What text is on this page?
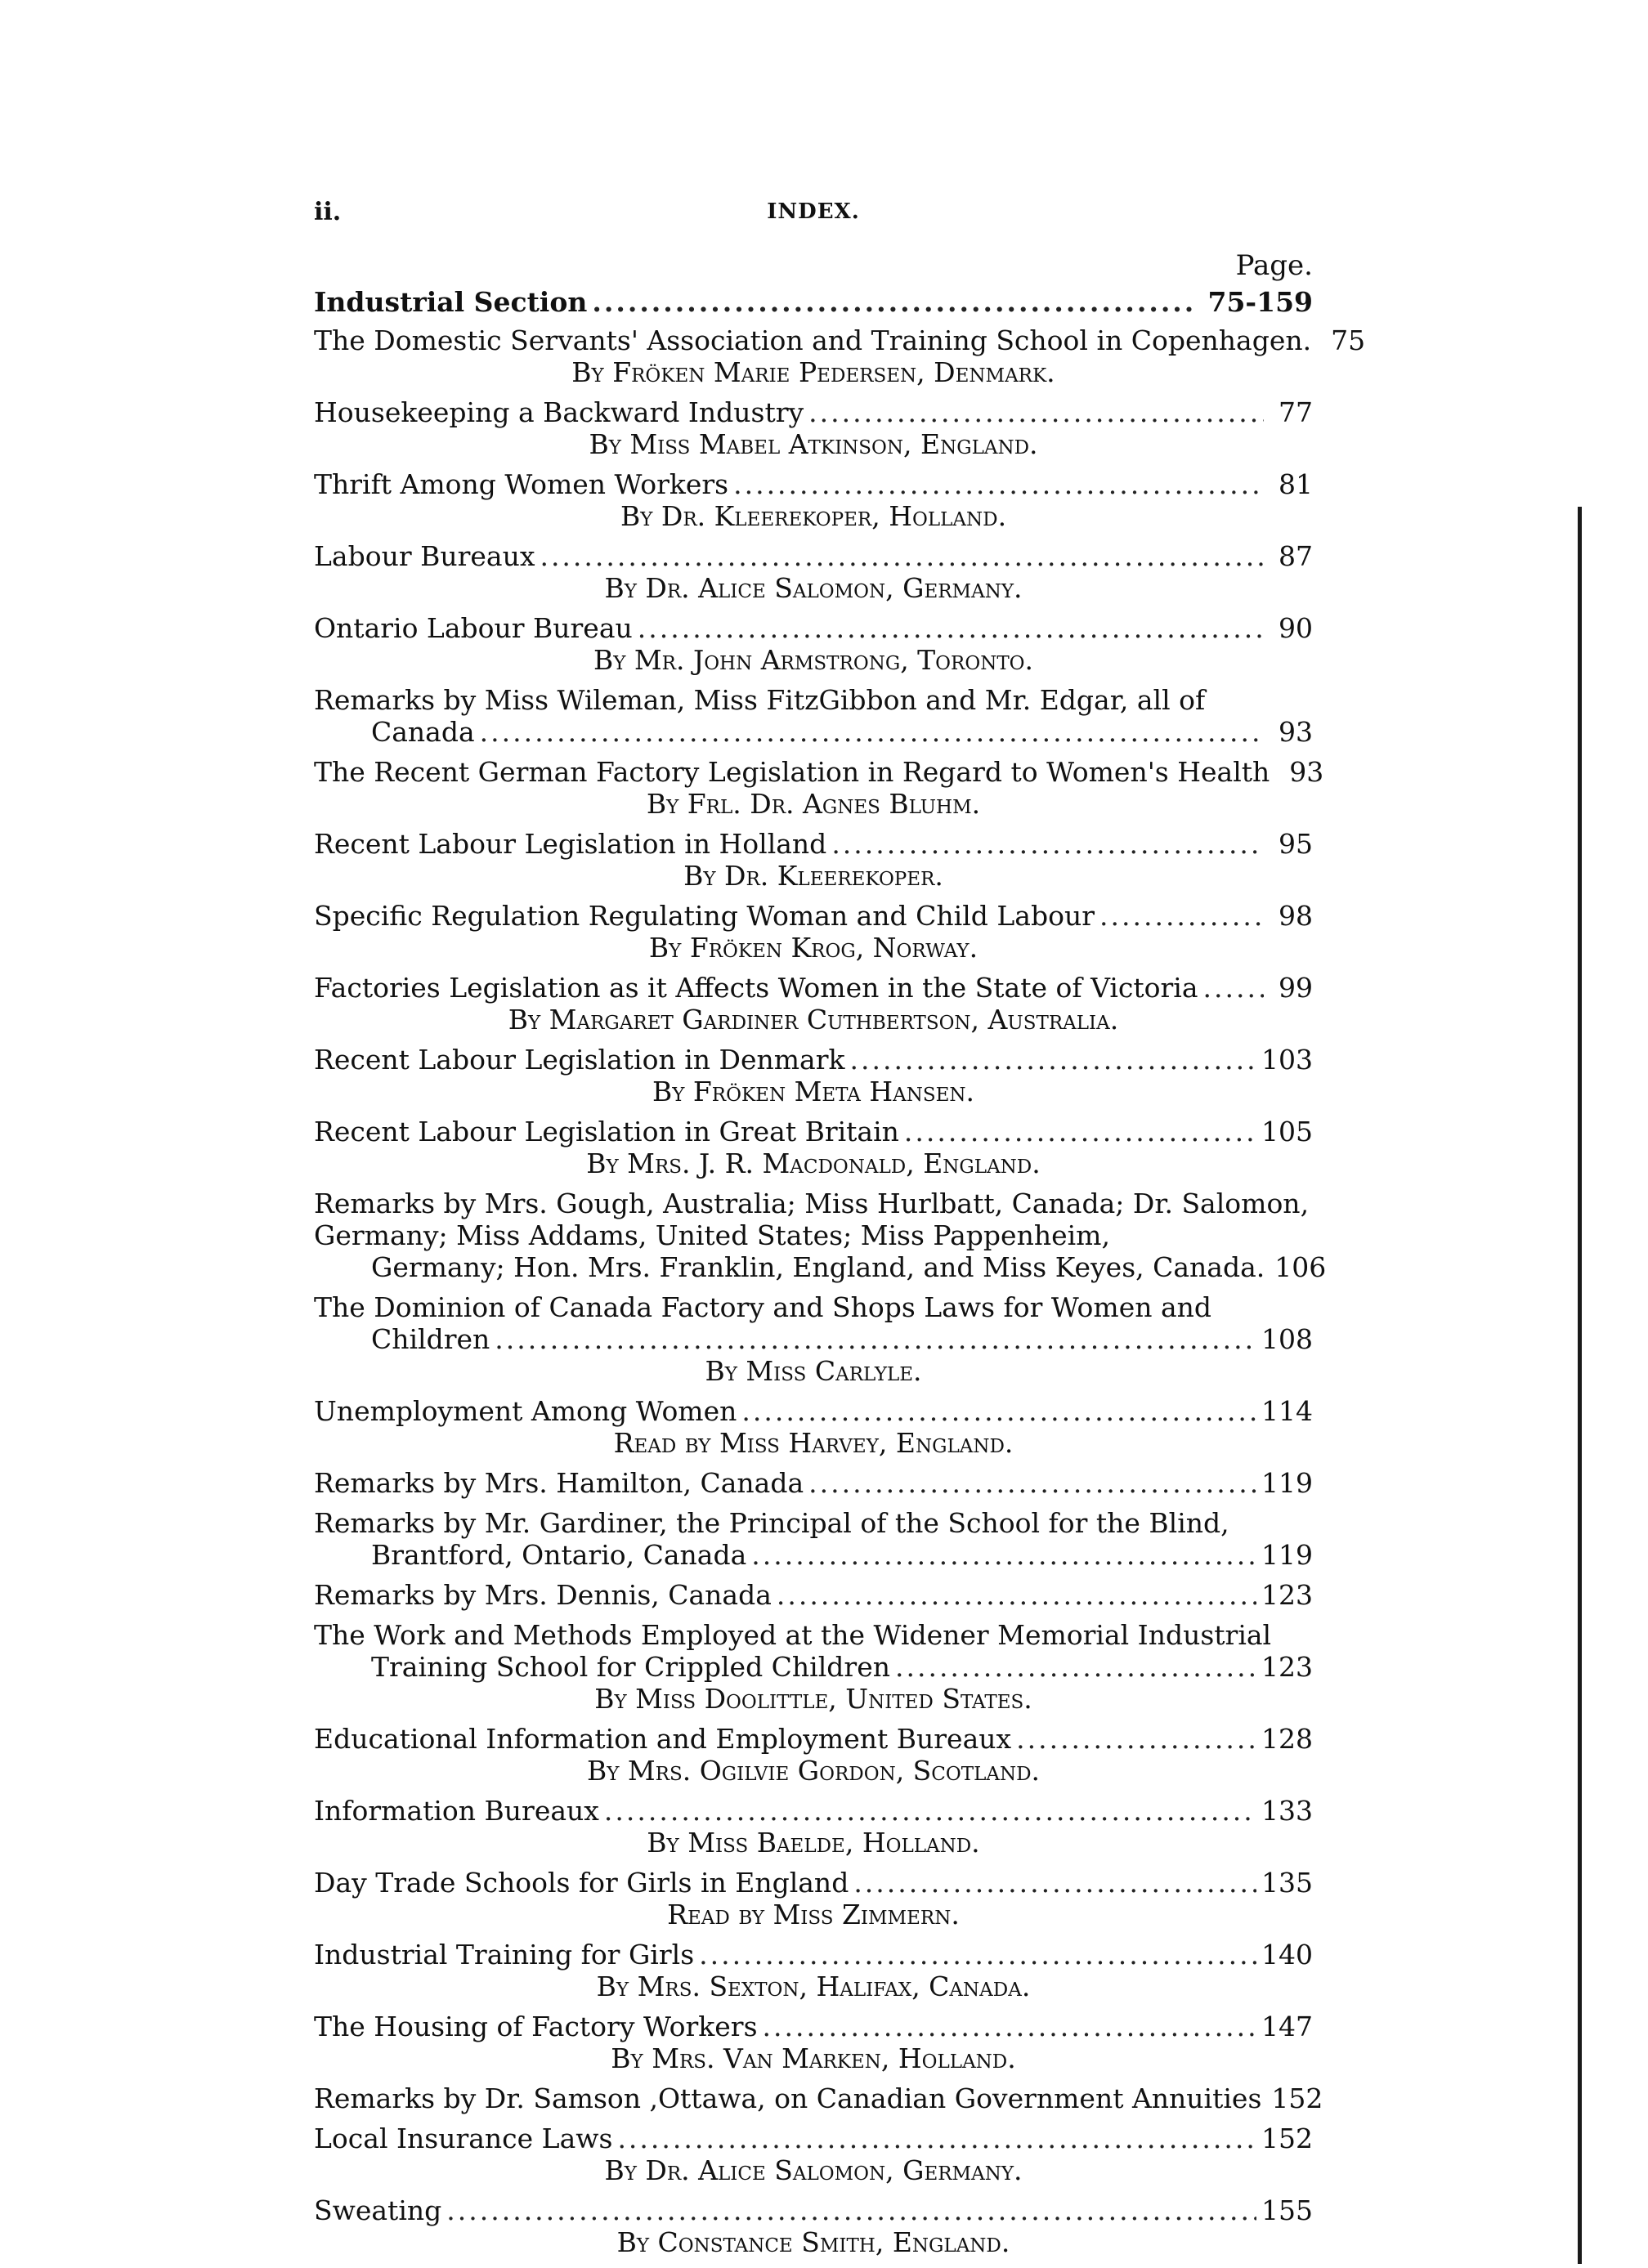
ii.	INDEX.
Page.
Industrial Section .....	75-159
The Domestic Servants' Association and Training School in Copenhagen. 75
By Fröken Marie Pedersen, Denmark.
Housekeeping a Backward Industry .....	77
By Miss Mabel Atkinson, England.
Thrift Among Women Workers .....	81
By Dr. Kleerekoper, Holland.
Labour Bureaux .....	87
By Dr. Alice Salomon, Germany.
Ontario Labour Bureau .....	90
By Mr. John Armstrong, Toronto.
Remarks by Miss Wileman, Miss FitzGibbon and Mr. Edgar, all of
Canada .....	93
The Recent German Factory Legislation in Regard to Women's Health 93
By Frl. Dr. Agnes Bluhm.
Recent Labour Legislation in Holland .....	95
By Dr. Kleerekoper.
Specific Regulation Regulating Woman and Child Labour .....	98
By Fröken Krog, Norway.
Factories Legislation as it Affects Women in the State of Victoria .....	99
By Margaret Gardiner Cuthbertson, Australia.
Recent Labour Legislation in Denmark .....	103
By Fröken Meta Hansen.
Recent Labour Legislation in Great Britain .....	105
By Mrs. J. R. Macdonald, England.
Remarks by Mrs. Gough, Australia; Miss Hurlbatt, Canada; Dr. Salomon, Germany; Miss Addams, United States; Miss Pappenheim,
Germany; Hon. Mrs. Franklin, England, and Miss Keyes, Canada. 106
The Dominion of Canada Factory and Shops Laws for Women and
Children .....	108
By Miss Carlyle.
Unemployment Among Women .....	114
Read by Miss Harvey, England.
Remarks by Mrs. Hamilton, Canada .....	119
Remarks by Mr. Gardiner, the Principal of the School for the Blind,
Brantford, Ontario, Canada .....	119
Remarks by Mrs. Dennis, Canada .....	123
The Work and Methods Employed at the Widener Memorial Industrial
Training School for Crippled Children .....	123
By Miss Doolittle, United States.
Educational Information and Employment Bureaux .....	128
By Mrs. Ogilvie Gordon, Scotland.
Information Bureaux .....	133
By Miss Baelde, Holland.
Day Trade Schools for Girls in England .....	135
Read by Miss Zimmern.
Industrial Training for Girls .....	140
By Mrs. Sexton, Halifax, Canada.
The Housing of Factory Workers .....	147
By Mrs. Van Marken, Holland.
Remarks by Dr. Samson ,Ottawa, on Canadian Government Annuities 152
Local Insurance Laws .....	152
By Dr. Alice Salomon, Germany.
Sweating .....	155
By Constance Smith, England.
